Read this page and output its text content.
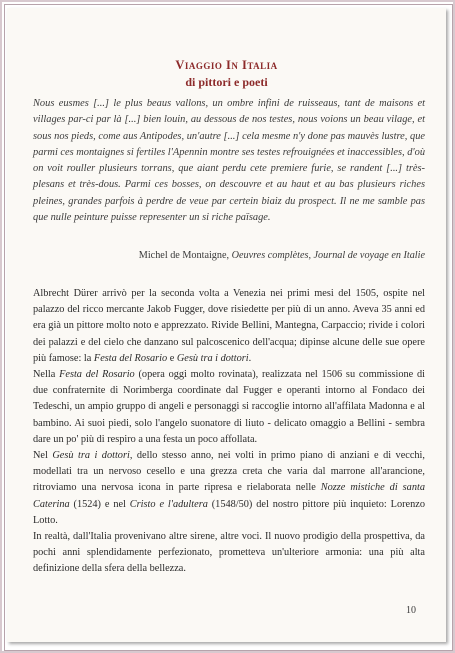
Viaggio In Italia
di pittori e poeti

Nous eusmes [...] le plus beaus vallons, un ombre infini de ruisseaus, tant de maisons et villages par-ci par là [...] bien louin, au dessous de nos testes, nous voions un beau vilage, et sous nos pieds, come aus Antipodes, un'autre [...] cela mesme n'y done pas mauvès lustre, que parmi ces montaignes si fertiles l'Apennin montre ses testes refrouignées et inaccessibles, d'où on voit rouller plusieurs torrans, que aiant perdu cete premiere furie, se randent [...] très-plesans et très-dous. Parmi ces bosses, on descouvre et au haut et au bas plusieurs riches pleines, grandes parfois à perdre de veue par certein biaiz du prospect. Il ne me samble pas que nulle peinture puisse representer un si riche païsage.

Michel de Montaigne, Oeuvres complètes, Journal de voyage en Italie

Albrecht Dürer arrivò per la seconda volta a Venezia nei primi mesi del 1505, ospite nel palazzo del ricco mercante Jakob Fugger, dove risiedette per più di un anno. Aveva 35 anni ed era già un pittore molto noto e apprezzato. Rivide Bellini, Mantegna, Carpaccio; rivide i colori dei palazzi e del cielo che danzano sul palcoscenico dell'acqua; dipinse alcune delle sue opere più famose: la Festa del Rosario e Gesù tra i dottori.

Nella Festa del Rosario (opera oggi molto rovinata), realizzata nel 1506 su commissione di due confraternite di Norimberga coordinate dal Fugger e operanti intorno al Fondaco dei Tedeschi, un ampio gruppo di angeli e personaggi si raccoglie intorno all'affilata Madonna e al bambino. Ai suoi piedi, solo l'angelo suonatore di liuto - delicato omaggio a Bellini - sembra dare un po' più di respiro a una festa un poco affollata.

Nel Gesù tra i dottori, dello stesso anno, nei volti in primo piano di anziani e di vecchi, modellati tra un nervoso cesello e una grezza creta che varia dal marrone all'arancione, ritroviamo una nervosa icona in parte ripresa e rielaborata nelle Nozze mistiche di santa Caterina (1524) e nel Cristo e l'adultera (1548/50) del nostro pittore più inquieto: Lorenzo Lotto.

In realtà, dall'Italia provenivano altre sirene, altre voci. Il nuovo prodigio della prospettiva, da pochi anni splendidamente perfezionato, prometteva un'ulteriore armonia: una più alta definizione della sfera della bellezza.

10
